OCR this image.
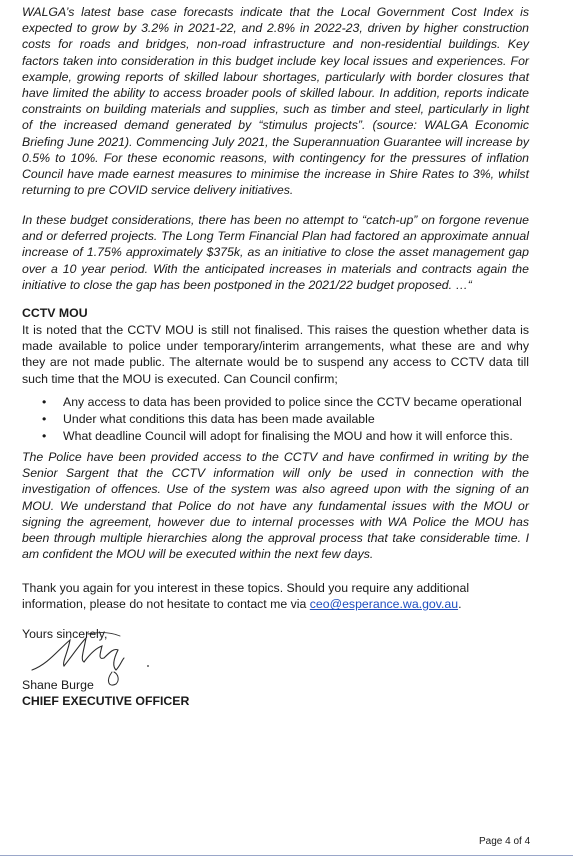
WALGA’s latest base case forecasts indicate that the Local Government Cost Index is expected to grow by 3.2% in 2021-22, and 2.8% in 2022-23, driven by higher construction costs for roads and bridges, non-road infrastructure and non-residential buildings. Key factors taken into consideration in this budget include key local issues and experiences. For example, growing reports of skilled labour shortages, particularly with border closures that have limited the ability to access broader pools of skilled labour. In addition, reports indicate constraints on building materials and supplies, such as timber and steel, particularly in light of the increased demand generated by “stimulus projects”. (source: WALGA Economic Briefing June 2021). Commencing July 2021, the Superannuation Guarantee will increase by 0.5% to 10%. For these economic reasons, with contingency for the pressures of inflation Council have made earnest measures to minimise the increase in Shire Rates to 3%, whilst returning to pre COVID service delivery initiatives.

In these budget considerations, there has been no attempt to “catch-up” on forgone revenue and or deferred projects. The Long Term Financial Plan had factored an approximate annual increase of 1.75% approximately $375k, as an initiative to close the asset management gap over a 10 year period. With the anticipated increases in materials and contracts again the initiative to close the gap has been postponed in the 2021/22 budget proposed. …“

CCTV MOU

It is noted that the CCTV MOU is still not finalised. This raises the question whether data is made available to police under temporary/interim arrangements, what these are and why they are not made public. The alternate would be to suspend any access to CCTV data till such time that the MOU is executed. Can Council confirm;

• Any access to data has been provided to police since the CCTV became operational
• Under what conditions this data has been made available
• What deadline Council will adopt for finalising the MOU and how it will enforce this.

The Police have been provided access to the CCTV and have confirmed in writing by the Senior Sargent that the CCTV information will only be used in connection with the investigation of offences. Use of the system was also agreed upon with the signing of an MOU. We understand that Police do not have any fundamental issues with the MOU or signing the agreement, however due to internal processes with WA Police the MOU has been through multiple hierarchies along the approval process that take considerable time. I am confident the MOU will be executed within the next few days.

Thank you again for you interest in these topics. Should you require any additional information, please do not hesitate to contact me via ceo@esperance.wa.gov.au.

Yours sincerely,
Shane Burge
CHIEF EXECUTIVE OFFICER
Page 4 of 4
